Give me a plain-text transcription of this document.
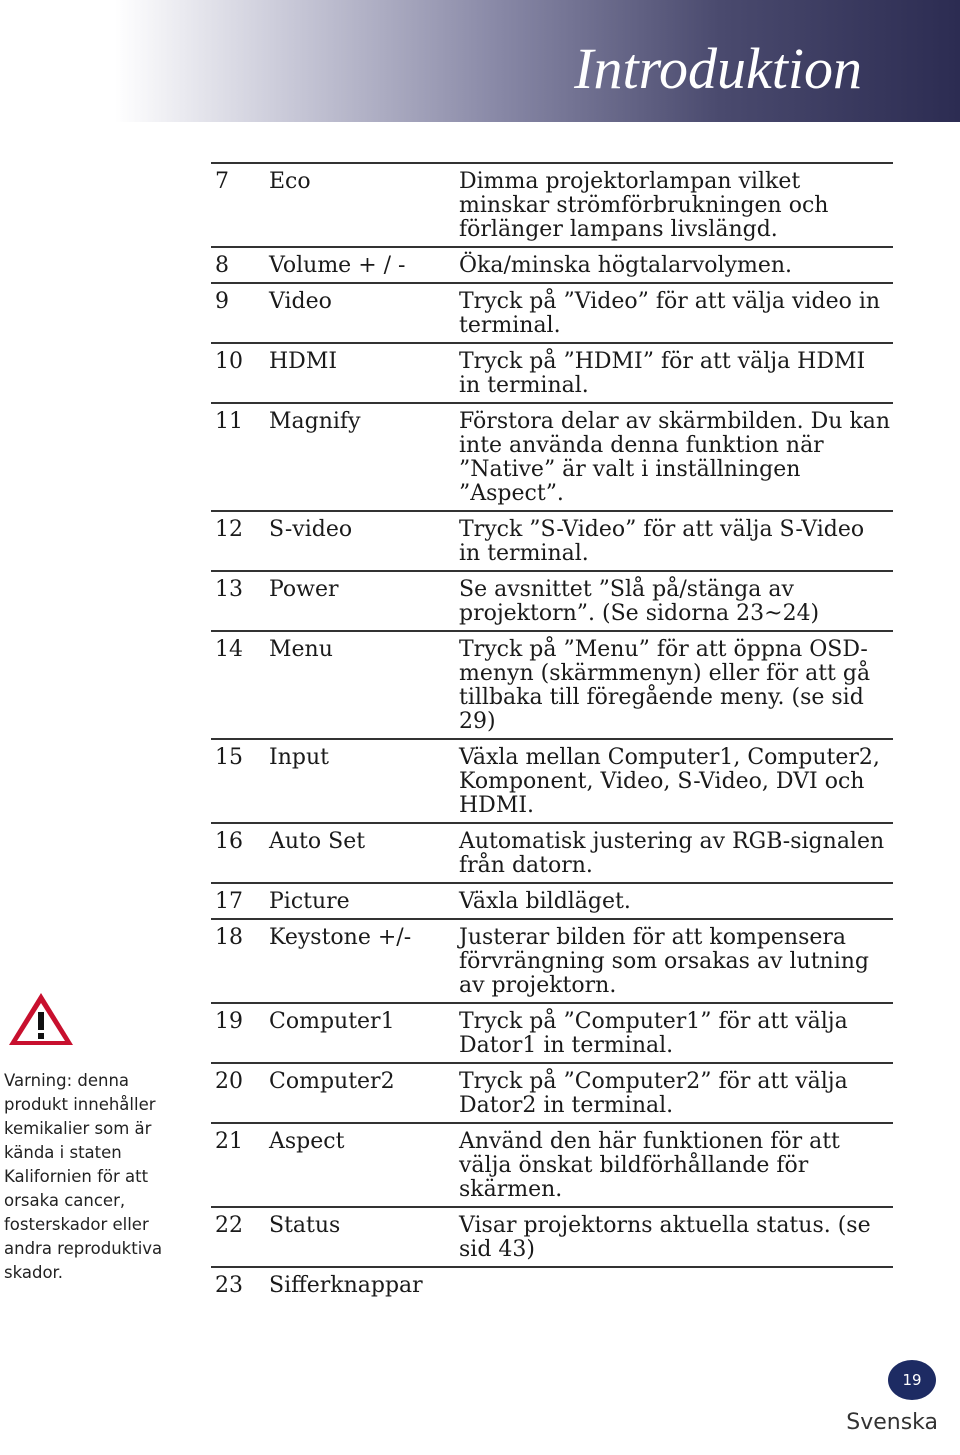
Introduktion
7	Eco	Dimma projektorlampan vilket minskar strömförbrukningen och förlänger lampans livslängd.
8	Volume + / -	Öka/minska högtalarvolymen.
9	Video	Tryck på ”Video” för att välja video in terminal.
10	HDMI	Tryck på ”HDMI” för att välja HDMI in terminal.
11	Magnify	Förstora delar av skärmbilden. Du kan inte använda denna funktion när ”Native” är valt i inställningen ”Aspect”.
12	S-video	Tryck ”S-Video” för att välja S-Video in terminal.
13	Power	Se avsnittet ”Slå på/stänga av projektorn”. (Se sidorna 23~24)
14	Menu	Tryck på ”Menu” för att öppna OSD-menyn (skärmmenyn) eller för att gå tillbaka till föregående meny. (se sid 29)
15	Input	Växla mellan Computer1, Computer2, Komponent, Video, S-Video, DVI och HDMI.
16	Auto Set	Automatisk justering av RGB-signalen från datorn.
17	Picture	Växla bildläget.
18	Keystone +/-	Justerar bilden för att kompensera förvrängning som orsakas av lutning av projektorn.
19	Computer1	Tryck på ”Computer1” för att välja Dator1 in terminal.
20	Computer2	Tryck på ”Computer2” för att välja Dator2 in terminal.
21	Aspect	Använd den här funktionen för att välja önskat bildförhållande för skärmen.
22	Status	Visar projektorns aktuella status. (se sid 43)
23	Sifferknappar
Varning: denna produkt innehåller kemikalier som är kända i staten Kalifornien för att orsaka cancer, fosterskador eller andra reproduktiva skador.
19
Svenska
